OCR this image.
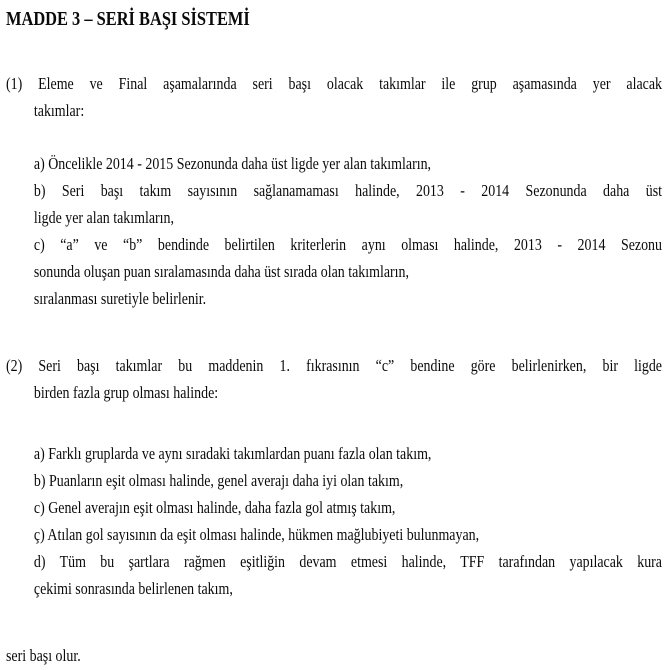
MADDE 3 – SERİ BAŞI SİSTEMİ
(1) Eleme ve Final aşamalarında seri başı olacak takımlar ile grup aşamasında yer alacak
takımlar:
a) Öncelikle 2014 - 2015 Sezonunda daha üst ligde yer alan takımların,
b) Seri başı takım sayısının sağlanamaması halinde, 2013 - 2014 Sezonunda daha üst
ligde yer alan takımların,
c) “a” ve “b” bendinde belirtilen kriterlerin aynı olması halinde, 2013 - 2014 Sezonu
sonunda oluşan puan sıralamasında daha üst sırada olan takımların,
sıralanması suretiyle belirlenir.
(2) Seri başı takımlar bu maddenin 1. fıkrasının “c” bendine göre belirlenirken, bir ligde
birden fazla grup olması halinde:
a) Farklı gruplarda ve aynı sıradaki takımlardan puanı fazla olan takım,
b) Puanların eşit olması halinde, genel averajı daha iyi olan takım,
c) Genel averajın eşit olması halinde, daha fazla gol atmış takım,
ç) Atılan gol sayısının da eşit olması halinde, hükmen mağlubiyeti bulunmayan,
d) Tüm bu şartlara rağmen eşitliğin devam etmesi halinde, TFF tarafından yapılacak kura
çekimi sonrasında belirlenen takım,
seri başı olur.
